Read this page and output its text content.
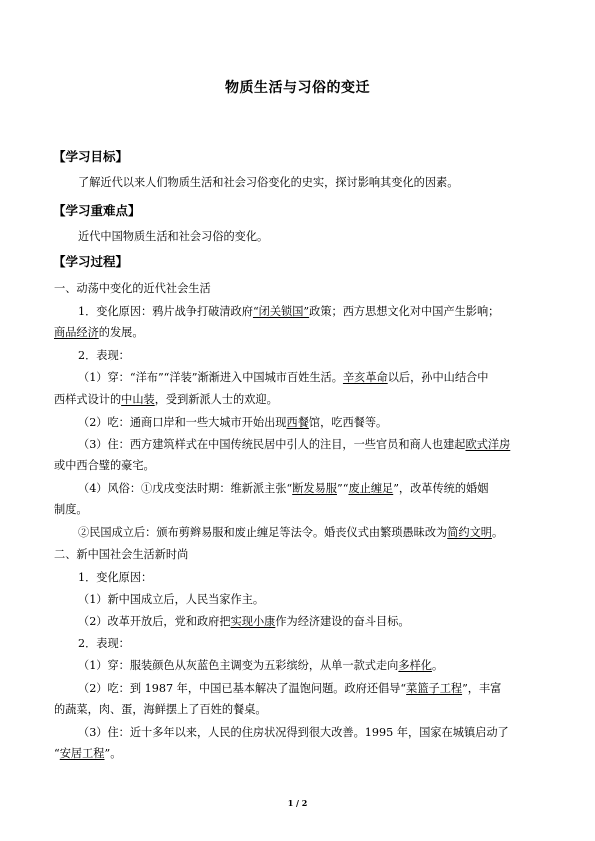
物质生活与习俗的变迁
【学习目标】
了解近代以来人们物质生活和社会习俗变化的史实，探讨影响其变化的因素。
【学习重难点】
近代中国物质生活和社会习俗的变化。
【学习过程】
一、动荡中变化的近代社会生活
1．变化原因：鸦片战争打破清政府“闭关锁国”政策；西方思想文化对中国产生影响；
商品经济的发展。
2．表现：
（1）穿：“洋布”“洋装”渐渐进入中国城市百姓生活。辛亥革命以后，孙中山结合中
西样式设计的中山装，受到新派人士的欢迎。
（2）吃：通商口岸和一些大城市开始出现西餐馆，吃西餐等。
（3）住：西方建筑样式在中国传统民居中引人的注目，一些官员和商人也建起欧式洋房
或中西合璧的豪宅。
（4）风俗：①戊戌变法时期：维新派主张“断发易服”“废止缠足”，改革传统的婚姻
制度。
②民国成立后：颁布剪辫易服和废止缠足等法令。婚丧仪式由繁琐愚昧改为简约文明。
二、新中国社会生活新时尚
1．变化原因：
（1）新中国成立后，人民当家作主。
（2）改革开放后，党和政府把实现小康作为经济建设的奋斗目标。
2．表现：
（1）穿：服装颜色从灰蓝色主调变为五彩缤纷，从单一款式走向多样化。
（2）吃：到 1987 年，中国已基本解决了温饱问题。政府还倡导“菜篮子工程”，丰富
的蔬菜，肉、蛋，海鲜摆上了百姓的餐桌。
（3）住：近十多年以来，人民的住房状况得到很大改善。1995 年，国家在城镇启动了
“安居工程”。
1 / 2
